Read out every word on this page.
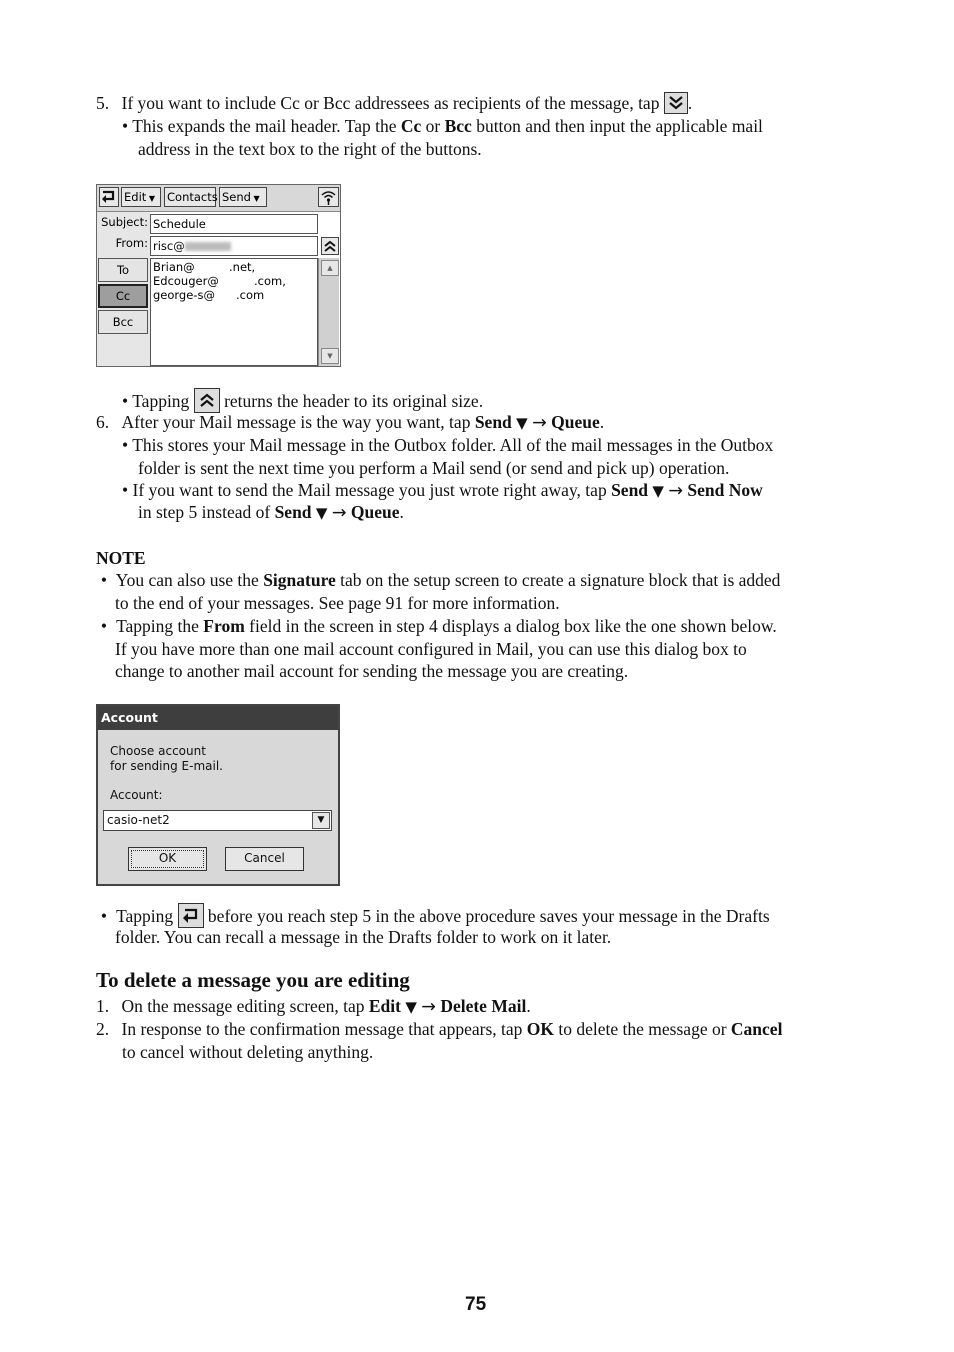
5. If you want to include Cc or Bcc addressees as recipients of the message, tap .
• This expands the mail header. Tap the Cc or Bcc button and then input the applicable mail
address in the text box to the right of the buttons.
Edit ▼	Contacts Send ▼
Subject: Schedule
From: risc@
To
Cc
Bcc
Brian@	.net,
Edcouger@	.com,
george-s@ .com
▲
▼
• Tapping returns the header to its original size.
6. After your Mail message is the way you want, tap Send ▼ → Queue.
• This stores your Mail message in the Outbox folder. All of the mail messages in the Outbox
folder is sent the next time you perform a Mail send (or send and pick up) operation.
• If you want to send the Mail message you just wrote right away, tap Send ▼ → Send Now
in step 5 instead of Send ▼ → Queue.
NOTE
• You can also use the Signature tab on the setup screen to create a signature block that is added
to the end of your messages. See page 91 for more information.
• Tapping the From field in the screen in step 4 displays a dialog box like the one shown below.
If you have more than one mail account configured in Mail, you can use this dialog box to
change to another mail account for sending the message you are creating.
Account
Choose account
for sending E-mail.
Account:
casio-net2	▼
OK	Cancel
• Tapping before you reach step 5 in the above procedure saves your message in the Drafts
folder. You can recall a message in the Drafts folder to work on it later.
To delete a message you are editing
1. On the message editing screen, tap Edit ▼ → Delete Mail.
2. In response to the confirmation message that appears, tap OK to delete the message or Cancel
to cancel without deleting anything.
75
